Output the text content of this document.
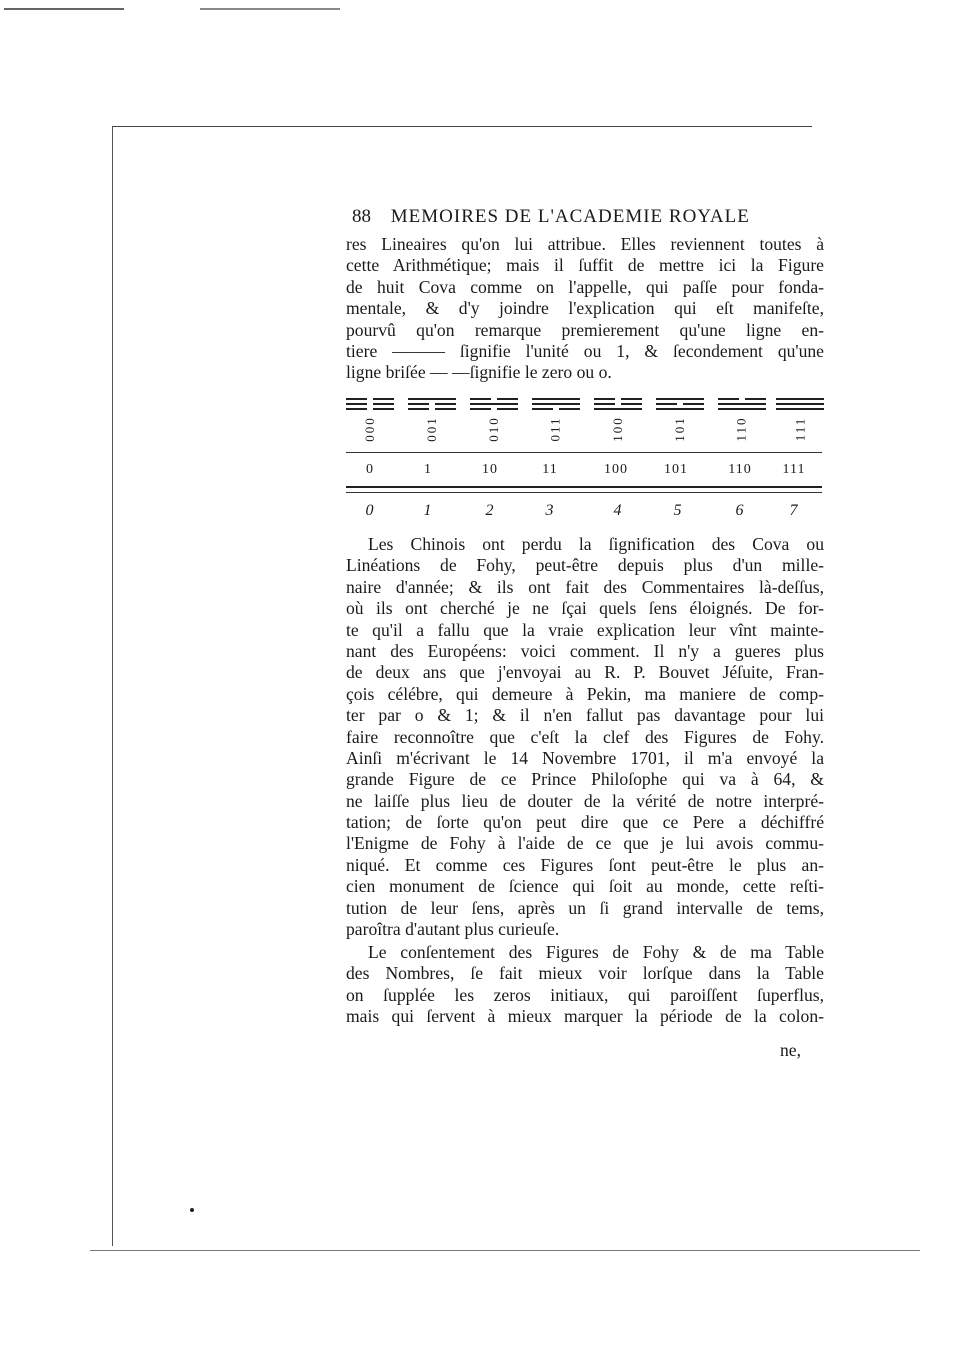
88 MEMOIRES DE L'ACADEMIE ROYALE
res Lineaires qu'on lui attribue. Elles reviennent toutes à
cette Arithmétique; mais il ſuffit de mettre ici la Figure
de huit Cova comme on l'appelle, qui paſſe pour fonda-
mentale, & d'y joindre l'explication qui eſt manifeſte,
pourvû qu'on remarque premierement qu'une ligne en-
tiere ——— ſignifie l'unité ou 1, & ſecondement qu'une
ligne briſée — —ſignifie le zero ou o.
000	001	010	011	100	101	110	111
0	1	10	11	100	101	110	111
0	1	2	3	4	5	6	7
Les Chinois ont perdu la ſignification des Cova ou
Linéations de Fohy, peut-être depuis plus d'un mille-
naire d'année; & ils ont fait des Commentaires là-deſſus,
où ils ont cherché je ne ſçai quels ſens éloignés. De for-
te qu'il a fallu que la vraie explication leur vînt mainte-
nant des Européens: voici comment. Il n'y a gueres plus
de deux ans que j'envoyai au R. P. Bouvet Jéſuite, Fran-
çois célébre, qui demeure à Pekin, ma maniere de comp-
ter par o & 1; & il n'en fallut pas davantage pour lui
faire reconnoître que c'eſt la clef des Figures de Fohy.
Ainſi m'écrivant le 14 Novembre 1701, il m'a envoyé la
grande Figure de ce Prince Philoſophe qui va à 64, &
ne laiſſe plus lieu de douter de la vérité de notre interpré-
tation; de ſorte qu'on peut dire que ce Pere a déchiffré
l'Enigme de Fohy à l'aide de ce que je lui avois commu-
niqué. Et comme ces Figures ſont peut-être le plus an-
cien monument de ſcience qui ſoit au monde, cette reſti-
tution de leur ſens, après un ſi grand intervalle de tems,
paroîtra d'autant plus curieuſe.
Le conſentement des Figures de Fohy & de ma Table
des Nombres, ſe fait mieux voir lorſque dans la Table
on ſupplée les zeros initiaux, qui paroiſſent ſuperflus,
mais qui ſervent à mieux marquer la période de la colon-
ne,
